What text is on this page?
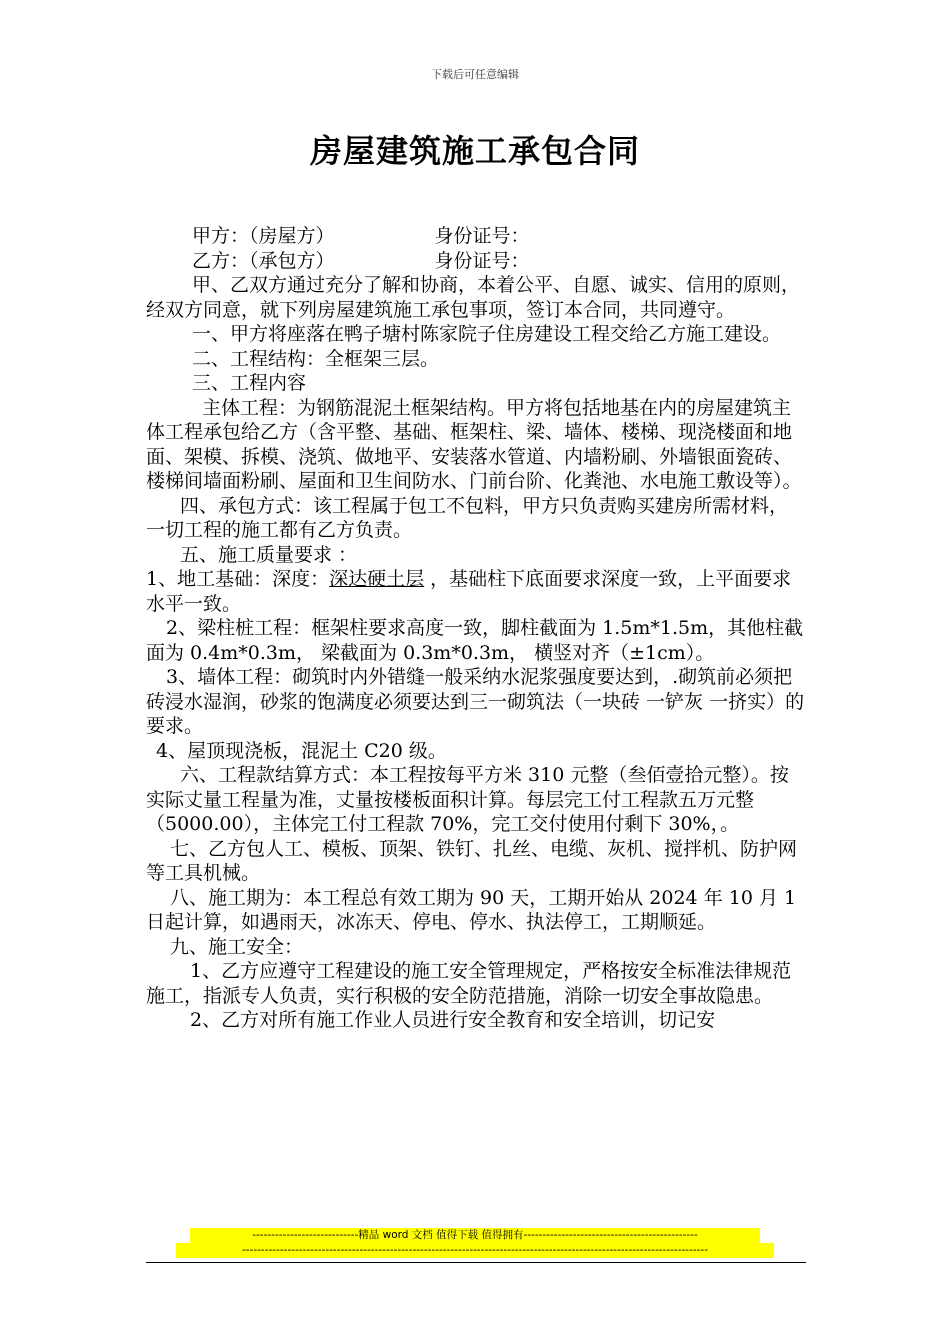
下载后可任意编辑
房屋建筑施工承包合同

甲方：（房屋方）	身份证号：

乙方：（承包方）	身份证号：

甲、乙双方通过充分了解和协商，本着公平、自愿、诚实、信用的原则，经双方同意，就下列房屋建筑施工承包事项，签订本合同，共同遵守。

一、甲方将座落在鸭子塘村陈家院子住房建设工程交给乙方施工建设。

二、工程结构：全框架三层。

三、工程内容

主体工程：为钢筋混泥土框架结构。甲方将包括地基在内的房屋建筑主体工程承包给乙方（含平整、基础、框架柱、梁、墙体、楼梯、现浇楼面和地面、架模、拆模、浇筑、做地平、安装落水管道、内墙粉刷、外墙银面瓷砖、楼梯间墙面粉刷、屋面和卫生间防水、门前台阶、化粪池、水电施工敷设等）。

四、承包方式：该工程属于包工不包料，甲方只负责购买建房所需材料，一切工程的施工都有乙方负责。

五、施工质量要求 ：

1、地工基础：深度：深达硬土层 ，基础柱下底面要求深度一致，上平面要求水平一致。

2、梁柱桩工程：框架柱要求高度一致，脚柱截面为 1.5m*1.5m，其他柱截面为 0.4m*0.3m， 梁截面为 0.3m*0.3m， 横竖对齐（±1cm）。

3、墙体工程：砌筑时内外错缝一般采纳水泥浆强度要达到，.砌筑前必须把砖浸水湿润，砂浆的饱满度必须要达到三一砌筑法（一块砖 一铲灰 一挤实）的要求。

4、屋顶现浇板，混泥土 C20 级。

六、工程款结算方式：本工程按每平方米 310 元整（叁佰壹拾元整）。按实际丈量工程量为准，丈量按楼板面积计算。每层完工付工程款五万元整（5000.00），主体完工付工程款 70%，完工交付使用付剩下 30%，。

七、乙方包人工、模板、顶架、铁钉、扎丝、电缆、灰机、搅拌机、防护网等工具机械。

八、施工期为：本工程总有效工期为 90 天，工期开始从 2024 年 10 月 1 日起计算，如遇雨天，冰冻天、停电、停水、执法停工，工期顺延。

九、施工安全：

1、乙方应遵守工程建设的施工安全管理规定，严格按安全标准法律规范施工，指派专人负责，实行积极的安全防范措施，消除一切安全事故隐患。

2、乙方对所有施工作业人员进行安全教育和安全培训，切记安

----------------------------精品 word 文档 值得下载 值得拥有----------------------------------------------
---------------------------------------------------------------------------------------------------------------------------
